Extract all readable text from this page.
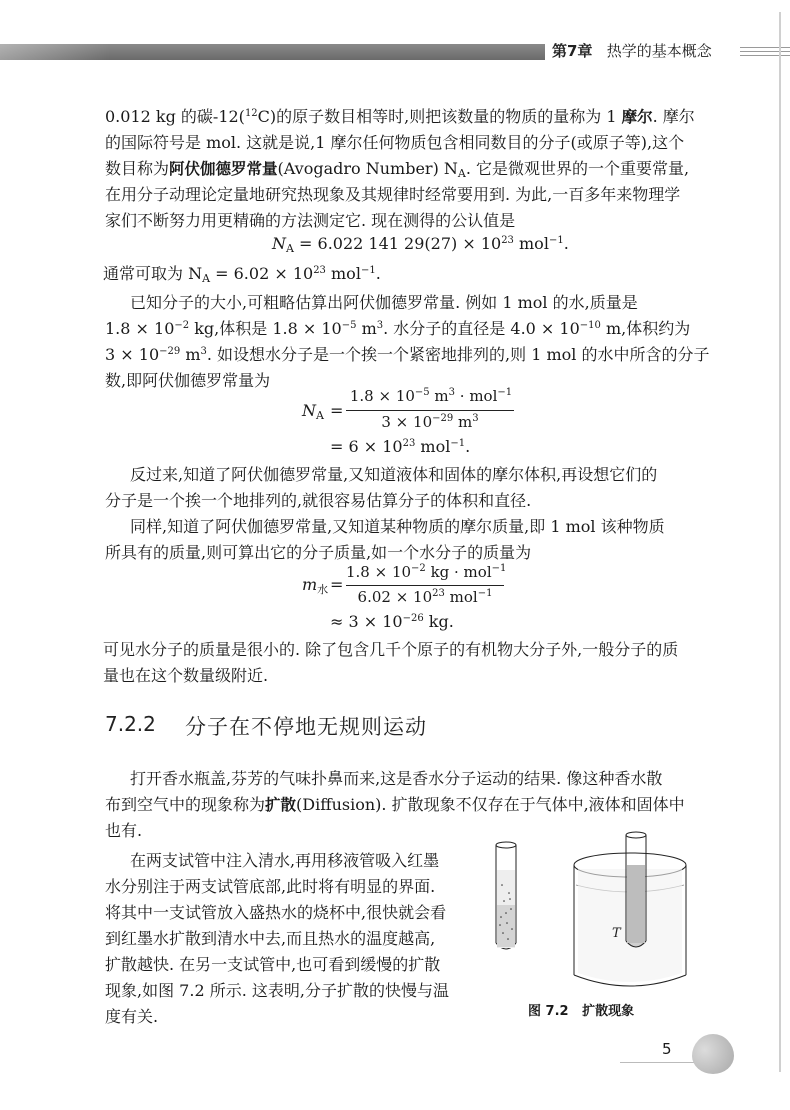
第7章 热学的基本概念
0.012 kg 的碳-12($^{12}$C)的原子数目相等时,则把该数量的物质的量称为 1 摩尔. 摩尔
的国际符号是 mol. 这就是说,1 摩尔任何物质包含相同数目的分子(或原子等),这个
数目称为阿伏伽德罗常量(Avogadro Number) $N_A$. 它是微观世界的一个重要常量,
在用分子动理论定量地研究热现象及其规律时经常要用到. 为此,一百多年来物理学
家们不断努力用更精确的方法测定它. 现在测得的公认值是
$N_A = 6.022$ 141 $29(27) \times 10^{23}$ mol$^{-1}$.
通常可取为 $N_A = 6.02 \times 10^{23}$ mol$^{-1}$.
已知分子的大小,可粗略估算出阿伏伽德罗常量. 例如 1 mol 的水,质量是
$1.8 \times 10^{-2}$ kg,体积是 $1.8 \times 10^{-5}$ $m^3$. 水分子的直径是 $4.0 \times 10^{-10}$ m,体积约为
$3 \times 10^{-29}$ $m^3$. 如设想水分子是一个挨一个紧密地排列的,则 1 mol 的水中所含的分子
数,即阿伏伽德罗常量为
$N_A$ =
$1.8 \times 10^{-5}$ $m^3 \cdot mol^{-1}$
$3 \times 10^{-29}$ $m^3$
= $6 \times 10^{23}$ mol$^{-1}$.
反过来,知道了阿伏伽德罗常量,又知道液体和固体的摩尔体积,再设想它们的
分子是一个挨一个地排列的,就很容易估算分子的体积和直径.
同样,知道了阿伏伽德罗常量,又知道某种物质的摩尔质量,即 1 mol 该种物质
所具有的质量,则可算出它的分子质量,如一个水分子的质量为
$m_水$ =
$1.8 \times 10^{-2}$ kg · mol$^{-1}$
$6.02 \times 10^{23}$ mol$^{-1}$
≈ $3 \times 10^{-26}$ kg.
可见水分子的质量是很小的. 除了包含几千个原子的有机物大分子外,一般分子的质
量也在这个数量级附近.
7.2.2 分子在不停地无规则运动
打开香水瓶盖,芬芳的气味扑鼻而来,这是香水分子运动的结果. 像这种香水散
布到空气中的现象称为扩散(Diffusion). 扩散现象不仅存在于气体中,液体和固体中
也有.
在两支试管中注入清水,再用移液管吸入红墨
水分别注于两支试管底部,此时将有明显的界面.
将其中一支试管放入盛热水的烧杯中,很快就会看
到红墨水扩散到清水中去,而且热水的温度越高,
扩散越快. 在另一支试管中,也可看到缓慢的扩散
现象,如图 7.2 所示. 这表明,分子扩散的快慢与温
度有关.
T
图 7.2 扩散现象
5
